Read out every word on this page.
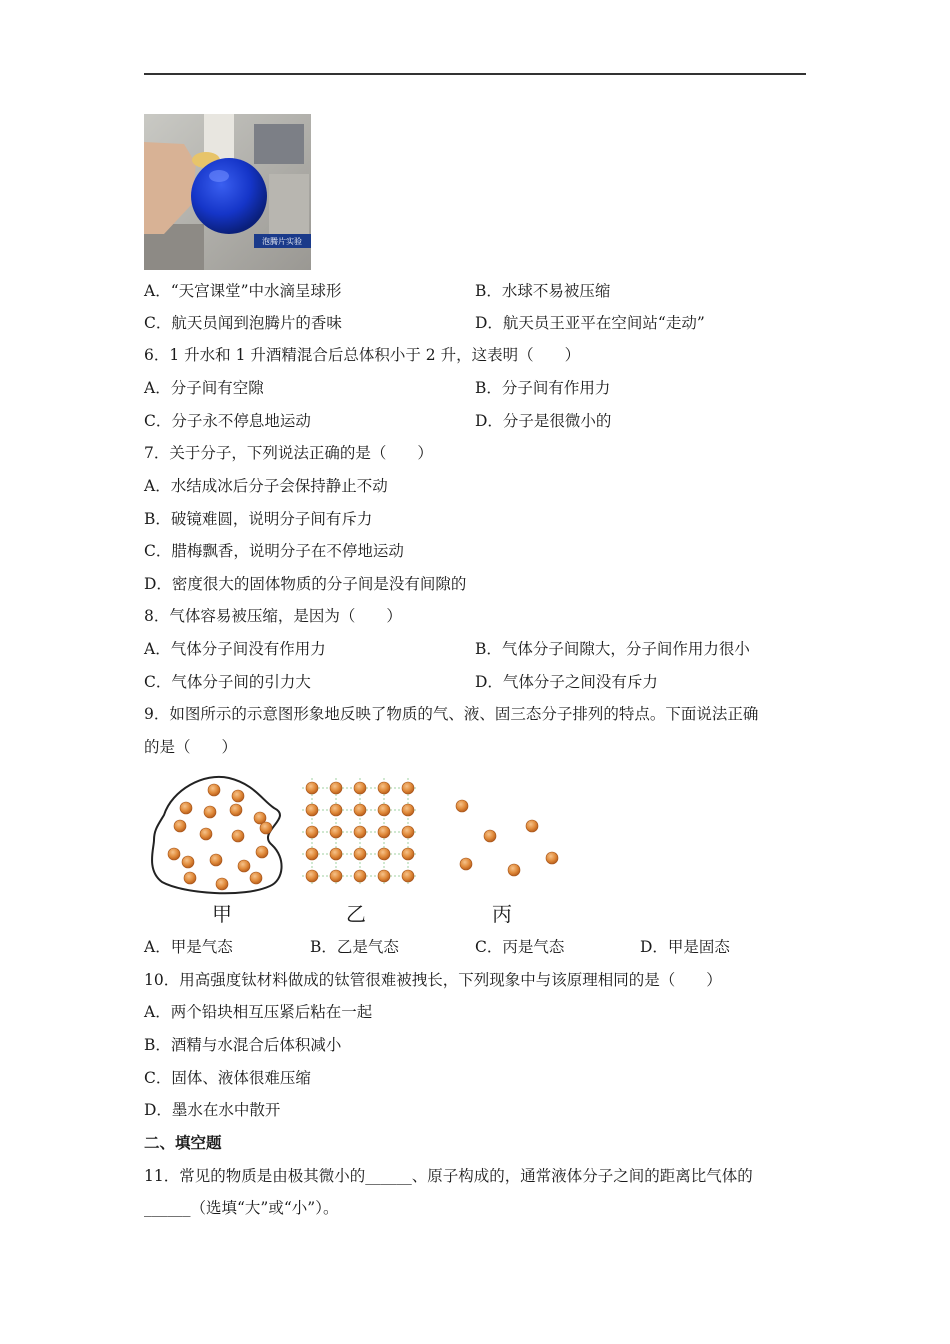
泡腾片实验
A．“天宫课堂”中水滴呈球形	B．水球不易被压缩
C．航天员闻到泡腾片的香味	D．航天员王亚平在空间站“走动”
6．1 升水和 1 升酒精混合后总体积小于 2 升，这表明（　　）
A．分子间有空隙	B．分子间有作用力
C．分子永不停息地运动	D．分子是很微小的
7．关于分子，下列说法正确的是（　　）
A．水结成冰后分子会保持静止不动
B．破镜难圆，说明分子间有斥力
C．腊梅飘香，说明分子在不停地运动
D．密度很大的固体物质的分子间是没有间隙的
8．气体容易被压缩，是因为（　　）
A．气体分子间没有作用力	B．气体分子间隙大，分子间作用力很小
C．气体分子间的引力大	D．气体分子之间没有斥力
9．如图所示的示意图形象地反映了物质的气、液、固三态分子排列的特点。下面说法正确
的是（　　）
甲	乙	丙
A．甲是气态	B．乙是气态	C．丙是气态	D．甲是固态
10．用高强度钛材料做成的钛管很难被拽长，下列现象中与该原理相同的是（　　）
A．两个铅块相互压紧后粘在一起
B．酒精与水混合后体积减小
C．固体、液体很难压缩
D．墨水在水中散开
二、填空题
11．常见的物质是由极其微小的______、原子构成的，通常液体分子之间的距离比气体的
______（选填“大”或“小”）。
